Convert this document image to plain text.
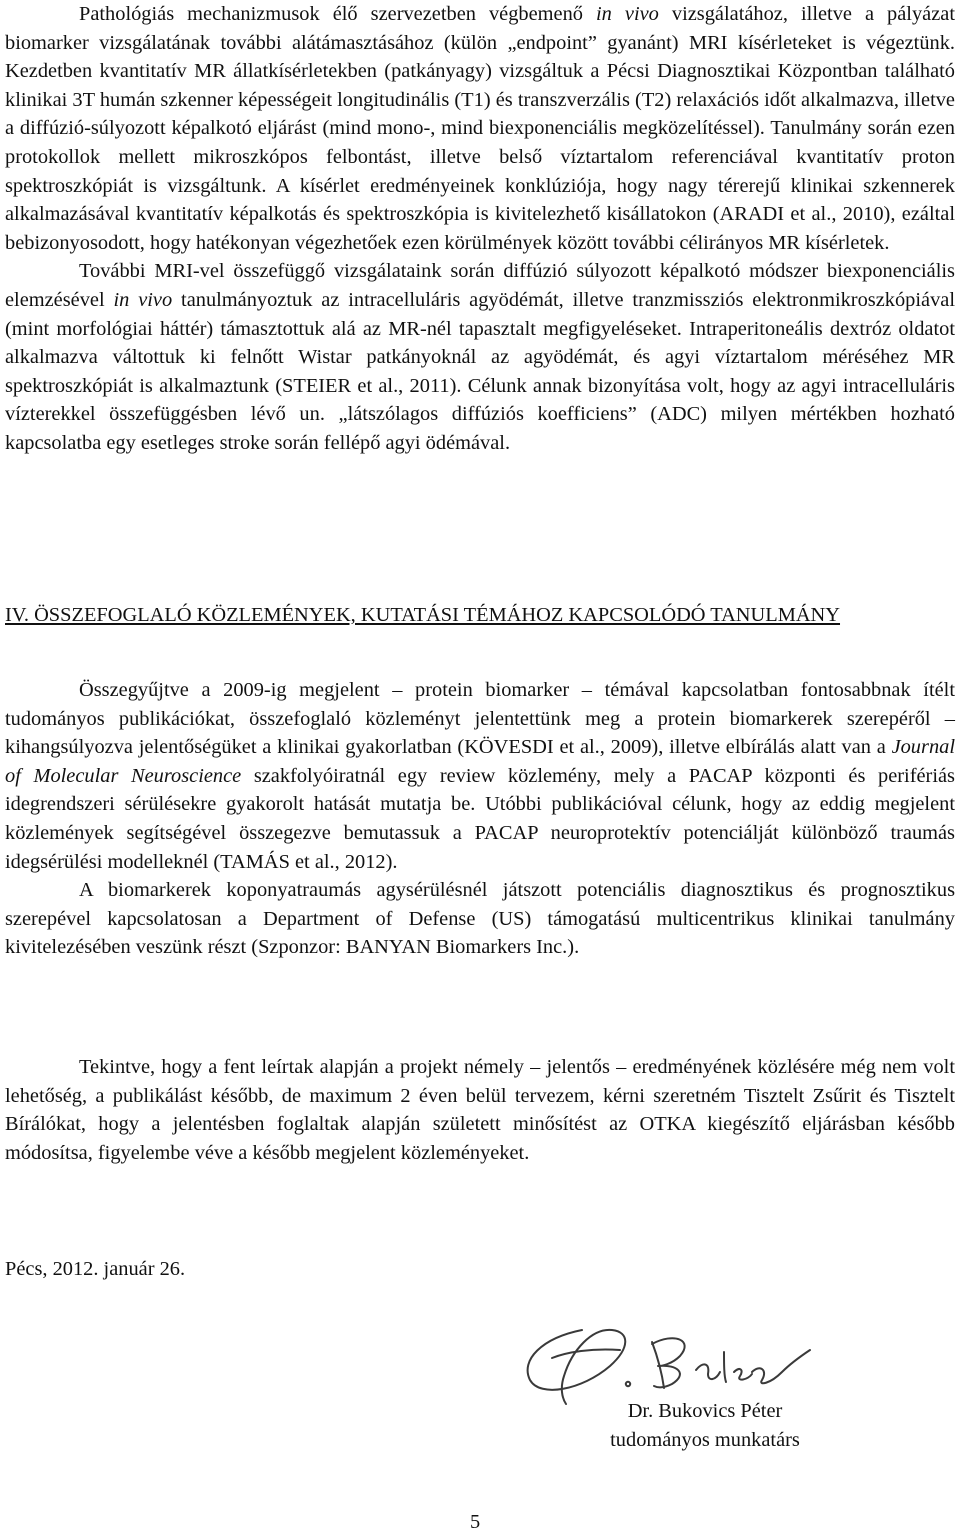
Pathológiás mechanizmusok élő szervezetben végbemenő in vivo vizsgálatához, illetve a pályázat biomarker vizsgálatának további alátámasztásához (külön „endpoint” gyanánt) MRI kísérleteket is végeztünk. Kezdetben kvantitatív MR állatkísérletekben (patkányagy) vizsgáltuk a Pécsi Diagnosztikai Központban található klinikai 3T humán szkenner képességeit longitudinális (T1) és transzverzális (T2) relaxációs időt alkalmazva, illetve a diffúzió-súlyozott képalkotó eljárást (mind mono-, mind biexponenciális megközelítéssel). Tanulmány során ezen protokollok mellett mikroszkópos felbontást, illetve belső víztartalom referenciával kvantitatív proton spektroszkópiát is vizsgáltunk. A kísérlet eredményeinek konklúziója, hogy nagy térerejű klinikai szkennerek alkalmazásával kvantitatív képalkotás és spektroszkópia is kivitelezhető kisállatokon (ARADI et al., 2010), ezáltal bebizonyosodott, hogy hatékonyan végezhetőek ezen körülmények között további célirányos MR kísérletek.

További MRI-vel összefüggő vizsgálataink során diffúzió súlyozott képalkotó módszer biexponenciális elemzésével in vivo tanulmányoztuk az intracelluláris agyödémát, illetve tranzmissziós elektronmikroszkópiával (mint morfológiai háttér) támasztottuk alá az MR-nél tapasztalt megfigyeléseket. Intraperitoneális dextróz oldatot alkalmazva váltottuk ki felnőtt Wistar patkányoknál az agyödémát, és agyi víztartalom méréséhez MR spektroszkópiát is alkalmaztunk (STEIER et al., 2011). Célunk annak bizonyítása volt, hogy az agyi intracelluláris vízterekkel összefüggésben lévő un. „látszólagos diffúziós koefficiens” (ADC) milyen mértékben hozható kapcsolatba egy esetleges stroke során fellépő agyi ödémával.

IV. ÖSSZEFOGLALÓ KÖZLEMÉNYEK, KUTATÁSI TÉMÁHOZ KAPCSOLÓDÓ TANULMÁNY

Összegyűjtve a 2009-ig megjelent – protein biomarker – témával kapcsolatban fontosabbnak ítélt tudományos publikációkat, összefoglaló közleményt jelentettünk meg a protein biomarkerek szerepéről – kihangsúlyozva jelentőségüket a klinikai gyakorlatban (KÖVESDI et al., 2009), illetve elbírálás alatt van a Journal of Molecular Neuroscience szakfolyóiratnál egy review közlemény, mely a PACAP központi és perifériás idegrendszeri sérülésekre gyakorolt hatását mutatja be. Utóbbi publikációval célunk, hogy az eddig megjelent közlemények segítségével összegezve bemutassuk a PACAP neuroprotektív potenciálját különböző traumás idegsérülési modelleknél (TAMÁS et al., 2012).

A biomarkerek koponyatraumás agysérülésnél játszott potenciális diagnosztikus és prognosztikus szerepével kapcsolatosan a Department of Defense (US) támogatású multicentrikus klinikai tanulmány kivitelezésében veszünk részt (Szponzor: BANYAN Biomarkers Inc.).

Tekintve, hogy a fent leírtak alapján a projekt némely – jelentős – eredményének közlésére még nem volt lehetőség, a publikálást később, de maximum 2 éven belül tervezem, kérni szeretném Tisztelt Zsűrit és Tisztelt Bírálókat, hogy a jelentésben foglaltak alapján született minősítést az OTKA kiegészítő eljárásban később módosítsa, figyelembe véve a később megjelent közleményeket.

Pécs, 2012. január 26.
Dr. Bukovics Péter
tudományos munkatárs
5
